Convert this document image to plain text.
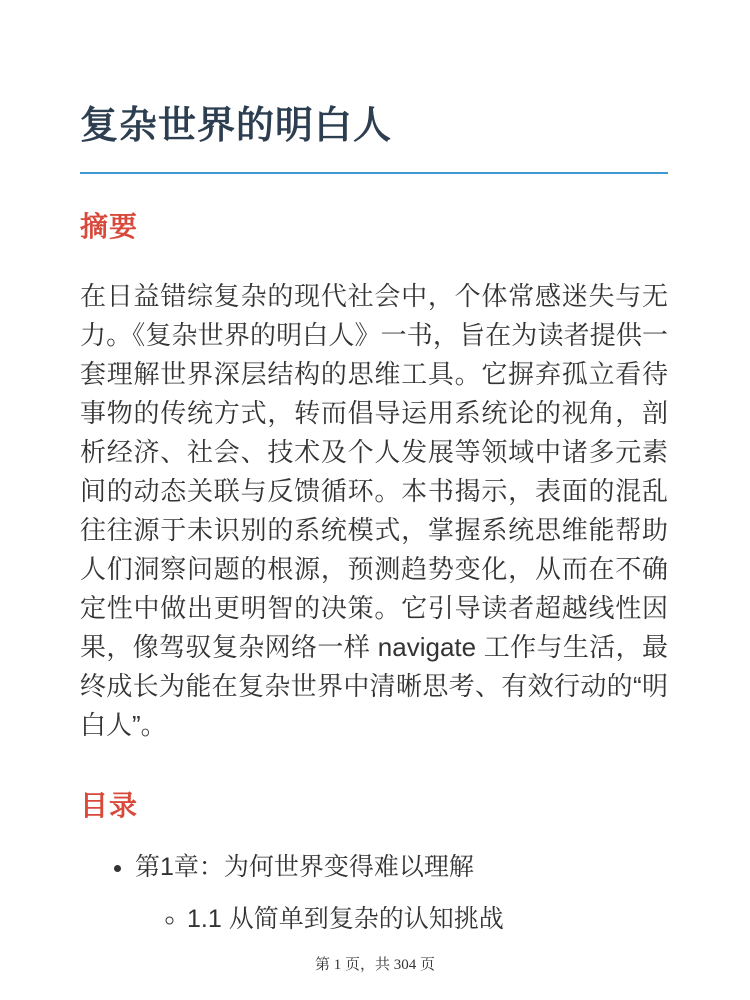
复杂世界的明白人
摘要

在日益错综复杂的现代社会中，个体常感迷失与无力。《复杂世界的明白人》一书，旨在为读者提供一套理解世界深层结构的思维工具。它摒弃孤立看待事物的传统方式，转而倡导运用系统论的视角，剖析经济、社会、技术及个人发展等领域中诸多元素间的动态关联与反馈循环。本书揭示，表面的混乱往往源于未识别的系统模式，掌握系统思维能帮助人们洞察问题的根源，预测趋势变化，从而在不确定性中做出更明智的决策。它引导读者超越线性因果，像驾驭复杂网络一样 navigate 工作与生活，最终成长为能在复杂世界中清晰思考、有效行动的“明白人”。

目录
• 第1章：为何世界变得难以理解
◦ 1.1 从简单到复杂的认知挑战
第 1 页，共 304 页
